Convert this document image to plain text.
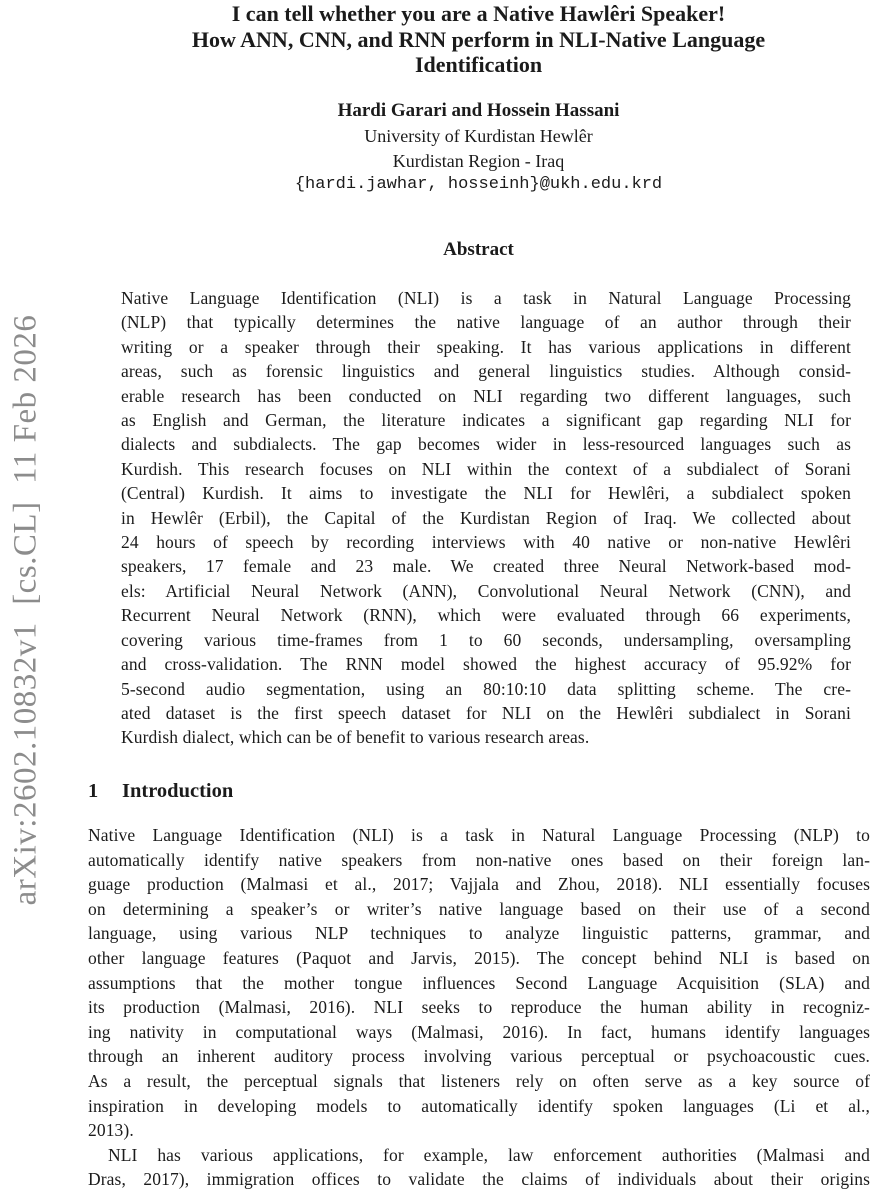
arXiv:2602.10832v1  [cs.CL]  11 Feb 2026
I can tell whether you are a Native Hawlêri Speaker!
How ANN, CNN, and RNN perform in NLI-Native Language
Identification
Hardi Garari and Hossein Hassani
University of Kurdistan Hewlêr
Kurdistan Region - Iraq
{hardi.jawhar, hosseinh}@ukh.edu.krd
Abstract
Native Language Identification (NLI) is a task in Natural Language Processing
(NLP) that typically determines the native language of an author through their
writing or a speaker through their speaking. It has various applications in different
areas, such as forensic linguistics and general linguistics studies. Although consid-
erable research has been conducted on NLI regarding two different languages, such
as English and German, the literature indicates a significant gap regarding NLI for
dialects and subdialects. The gap becomes wider in less-resourced languages such as
Kurdish. This research focuses on NLI within the context of a subdialect of Sorani
(Central) Kurdish. It aims to investigate the NLI for Hewlêri, a subdialect spoken
in Hewlêr (Erbil), the Capital of the Kurdistan Region of Iraq. We collected about
24 hours of speech by recording interviews with 40 native or non-native Hewlêri
speakers, 17 female and 23 male. We created three Neural Network-based mod-
els: Artificial Neural Network (ANN), Convolutional Neural Network (CNN), and
Recurrent Neural Network (RNN), which were evaluated through 66 experiments,
covering various time-frames from 1 to 60 seconds, undersampling, oversampling
and cross-validation. The RNN model showed the highest accuracy of 95.92% for
5-second audio segmentation, using an 80:10:10 data splitting scheme. The cre-
ated dataset is the first speech dataset for NLI on the Hewlêri subdialect in Sorani
Kurdish dialect, which can be of benefit to various research areas.
1 Introduction
Native Language Identification (NLI) is a task in Natural Language Processing (NLP) to
automatically identify native speakers from non-native ones based on their foreign lan-
guage production (Malmasi et al., 2017; Vajjala and Zhou, 2018). NLI essentially focuses
on determining a speaker’s or writer’s native language based on their use of a second
language, using various NLP techniques to analyze linguistic patterns, grammar, and
other language features (Paquot and Jarvis, 2015). The concept behind NLI is based on
assumptions that the mother tongue influences Second Language Acquisition (SLA) and
its production (Malmasi, 2016). NLI seeks to reproduce the human ability in recogniz-
ing nativity in computational ways (Malmasi, 2016). In fact, humans identify languages
through an inherent auditory process involving various perceptual or psychoacoustic cues.
As a result, the perceptual signals that listeners rely on often serve as a key source of
inspiration in developing models to automatically identify spoken languages (Li et al.,
2013).
NLI has various applications, for example, law enforcement authorities (Malmasi and
Dras, 2017), immigration offices to validate the claims of individuals about their origins
